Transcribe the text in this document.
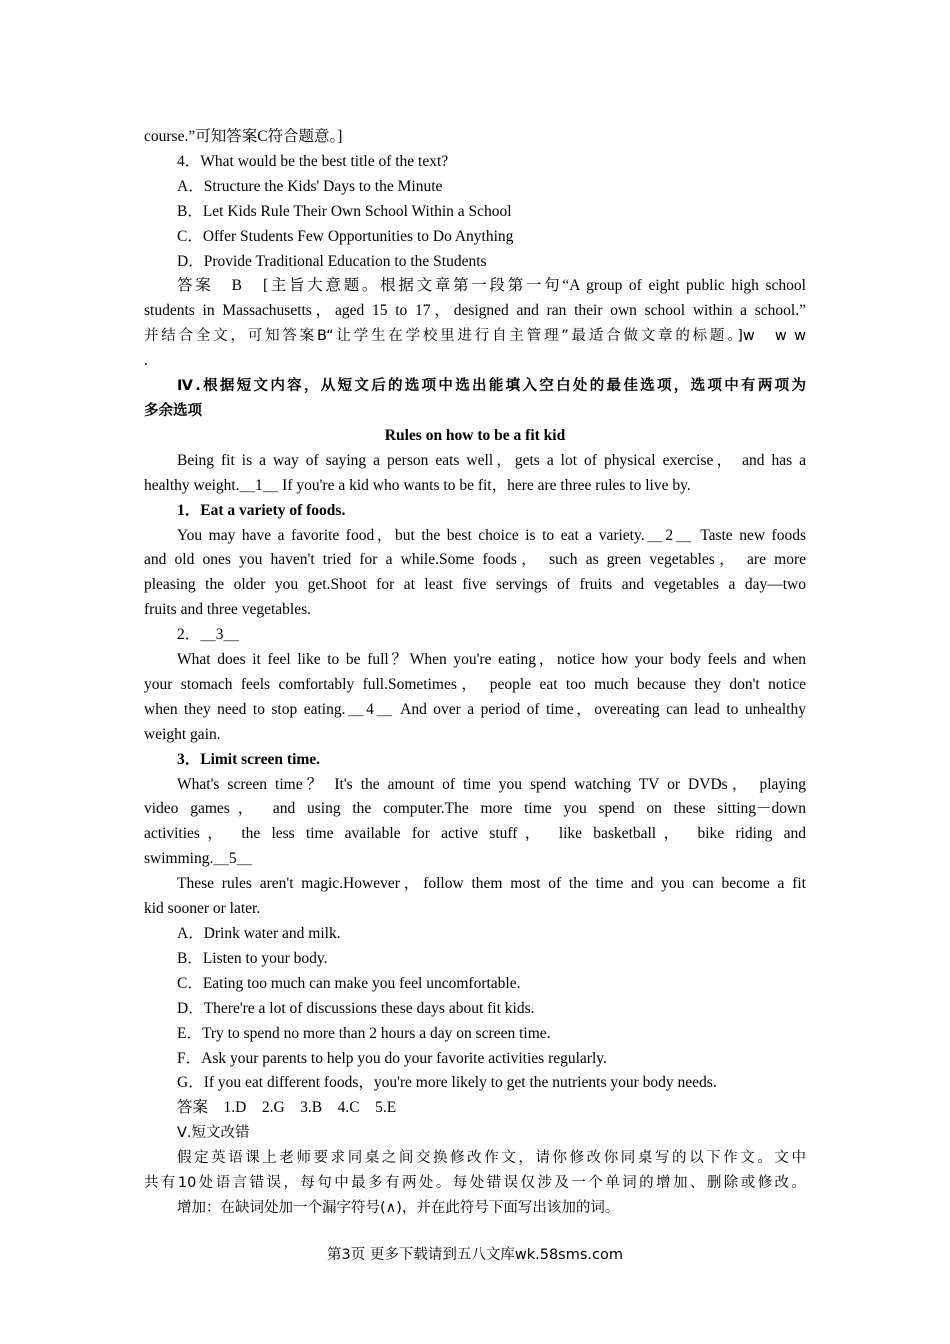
course.”可知答案C符合题意。]
4．What would be the best title of the text?
A．Structure the Kids' Days to the Minute
B．Let Kids Rule Their Own School Within a School
C．Offer Students Few Opportunities to Do Anything
D．Provide Traditional Education to the Students
答案　B　[主旨大意题。根据文章第一段第一句“A group of eight public high school
students in Massachusetts，aged 15 to 17，designed and ran their own school within a school.”
并结合全文，可知答案B“让学生在学校里进行自主管理”最适合做文章的标题。]w　w w
.
Ⅳ.根据短文内容，从短文后的选项中选出能填入空白处的最佳选项，选项中有两项为
多余选项
Rules on how to be a fit kid
Being fit is a way of saying a person eats well，gets a lot of physical exercise， and has a
healthy weight.＿1＿ If you're a kid who wants to be fit，here are three rules to live by.
1．Eat a variety of foods.
You may have a favorite food，but the best choice is to eat a variety.＿2＿ Taste new foods
and old ones you haven't tried for a while.Some foods， such as green vegetables， are more
pleasing the older you get.Shoot for at least five servings of fruits and vegetables a day—two
fruits and three vegetables.
2．＿3＿
What does it feel like to be full？When you're eating，notice how your body feels and when
your stomach feels comfortably full.Sometimes， people eat too much because they don't notice
when they need to stop eating.＿4＿ And over a period of time，overeating can lead to unhealthy
weight gain.
3．Limit screen time.
What's screen time？ It's the amount of time you spend watching TV or DVDs， playing
video games， and using the computer.The more time you spend on these sitting－down
activities， the less time available for active stuff， like basketball， bike riding and
swimming.＿5＿
These rules aren't magic.However，follow them most of the time and you can become a fit
kid sooner or later.
A．Drink water and milk.
B．Listen to your body.
C．Eating too much can make you feel uncomfortable.
D．There're a lot of discussions these days about fit kids.
E．Try to spend no more than 2 hours a day on screen time.
F．Ask your parents to help you do your favorite activities regularly.
G．If you eat different foods，you're more likely to get the nutrients your body needs.
答案　1.D　2.G　3.B　4.C　5.E
Ⅴ.短文改错
假定英语课上老师要求同桌之间交换修改作文，请你修改你同桌写的以下作文。文中
共有10处语言错误，每句中最多有两处。每处错误仅涉及一个单词的增加、删除或修改。
增加：在缺词处加一个漏字符号(∧)，并在此符号下面写出该加的词。
第3页 更多下载请到五八文库wk.58sms.com
